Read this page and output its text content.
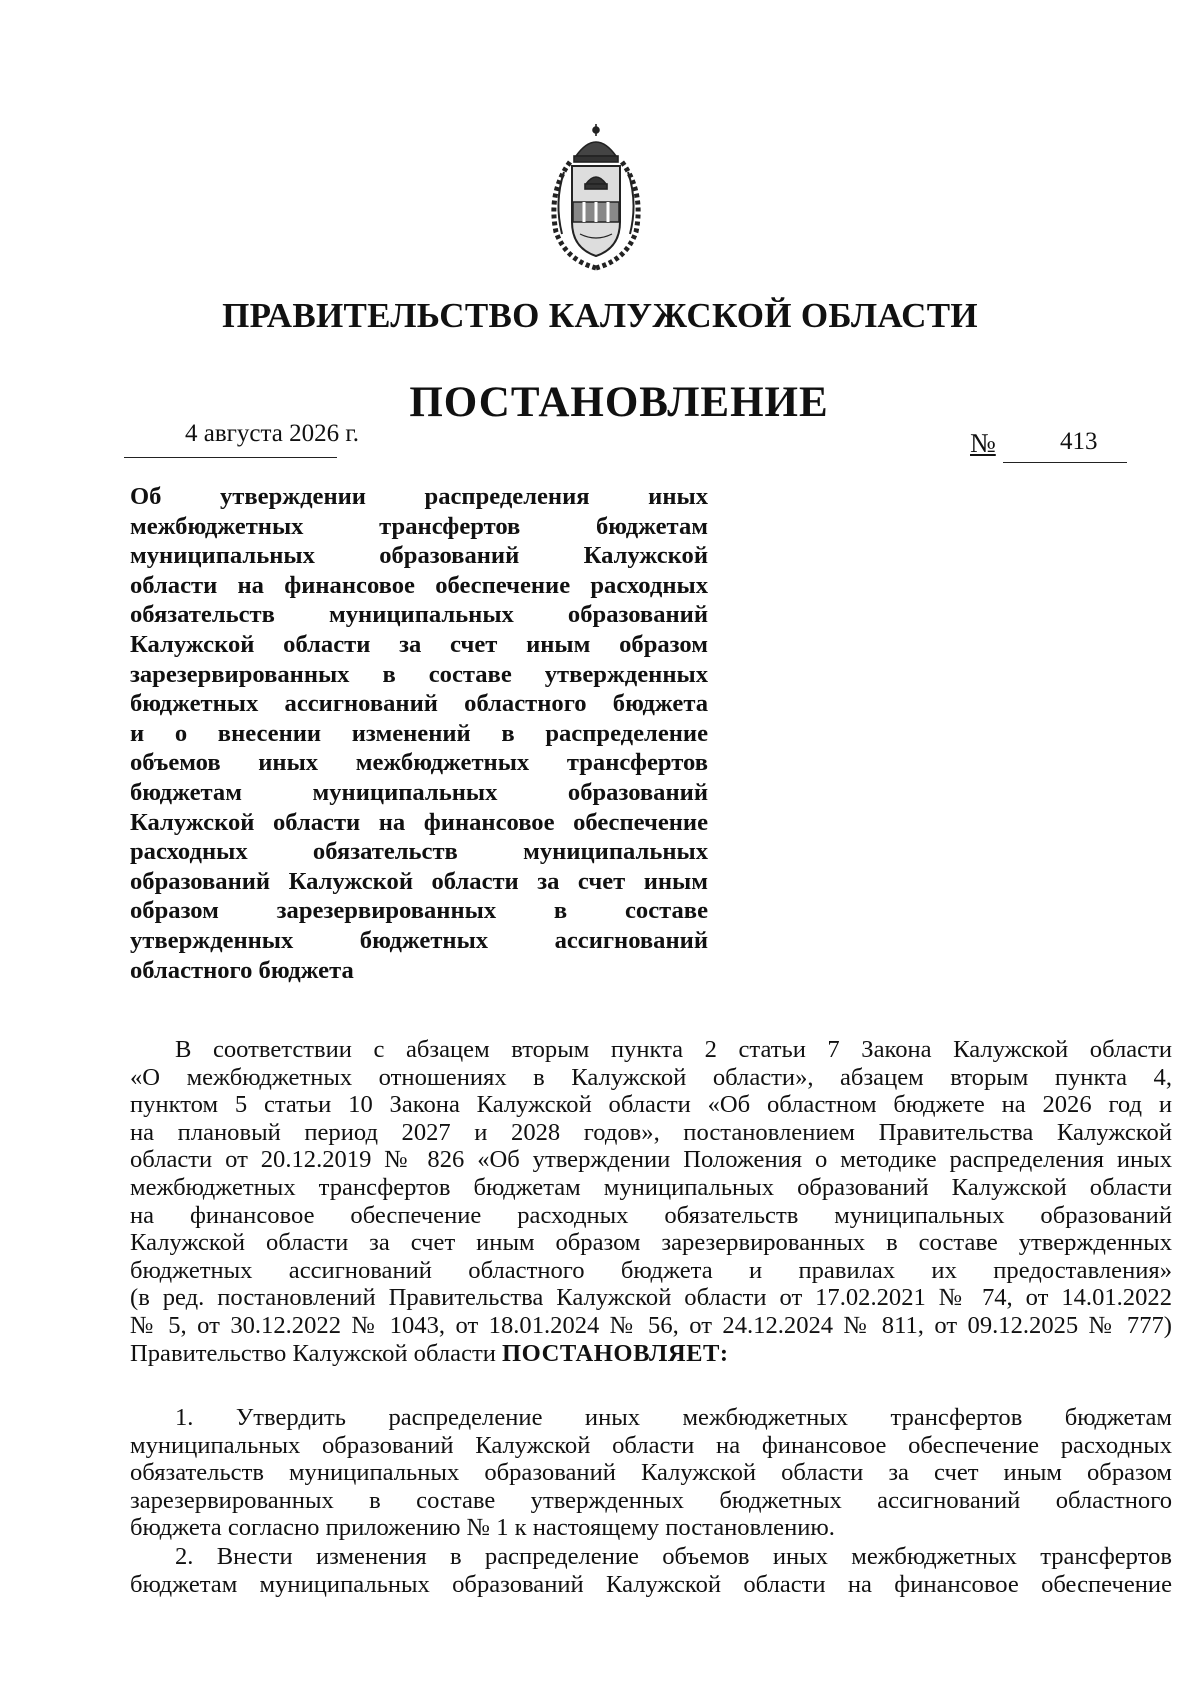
ПРАВИТЕЛЬСТВО КАЛУЖСКОЙ ОБЛАСТИ
ПОСТАНОВЛЕНИЕ
4 августа 2026 г.	№	413
Об утверждении распределения иных
межбюджетных трансфертов бюджетам
муниципальных образований Калужской
области на финансовое обеспечение расходных
обязательств муниципальных образований
Калужской области за счет иным образом
зарезервированных в составе утвержденных
бюджетных ассигнований областного бюджета
и о внесении изменений в распределение
объемов иных межбюджетных трансфертов
бюджетам муниципальных образований
Калужской области на финансовое обеспечение
расходных обязательств муниципальных
образований Калужской области за счет иным
образом зарезервированных в составе
утвержденных бюджетных ассигнований
областного бюджета
В соответствии с абзацем вторым пункта 2 статьи 7 Закона Калужской области
«О межбюджетных отношениях в Калужской области», абзацем вторым пункта 4,
пунктом 5 статьи 10 Закона Калужской области «Об областном бюджете на 2026 год и
на плановый период 2027 и 2028 годов», постановлением Правительства Калужской
области от 20.12.2019 № 826 «Об утверждении Положения о методике распределения иных
межбюджетных трансфертов бюджетам муниципальных образований Калужской области
на финансовое обеспечение расходных обязательств муниципальных образований
Калужской области за счет иным образом зарезервированных в составе утвержденных
бюджетных ассигнований областного бюджета и правилах их предоставления»
(в ред. постановлений Правительства Калужской области от 17.02.2021 № 74, от 14.01.2022
№ 5, от 30.12.2022 № 1043, от 18.01.2024 № 56, от 24.12.2024 № 811, от 09.12.2025 № 777)
Правительство Калужской области ПОСТАНОВЛЯЕТ:
1. Утвердить распределение иных межбюджетных трансфертов бюджетам
муниципальных образований Калужской области на финансовое обеспечение расходных
обязательств муниципальных образований Калужской области за счет иным образом
зарезервированных в составе утвержденных бюджетных ассигнований областного
бюджета согласно приложению № 1 к настоящему постановлению.
2. Внести изменения в распределение объемов иных межбюджетных трансфертов
бюджетам муниципальных образований Калужской области на финансовое обеспечение
